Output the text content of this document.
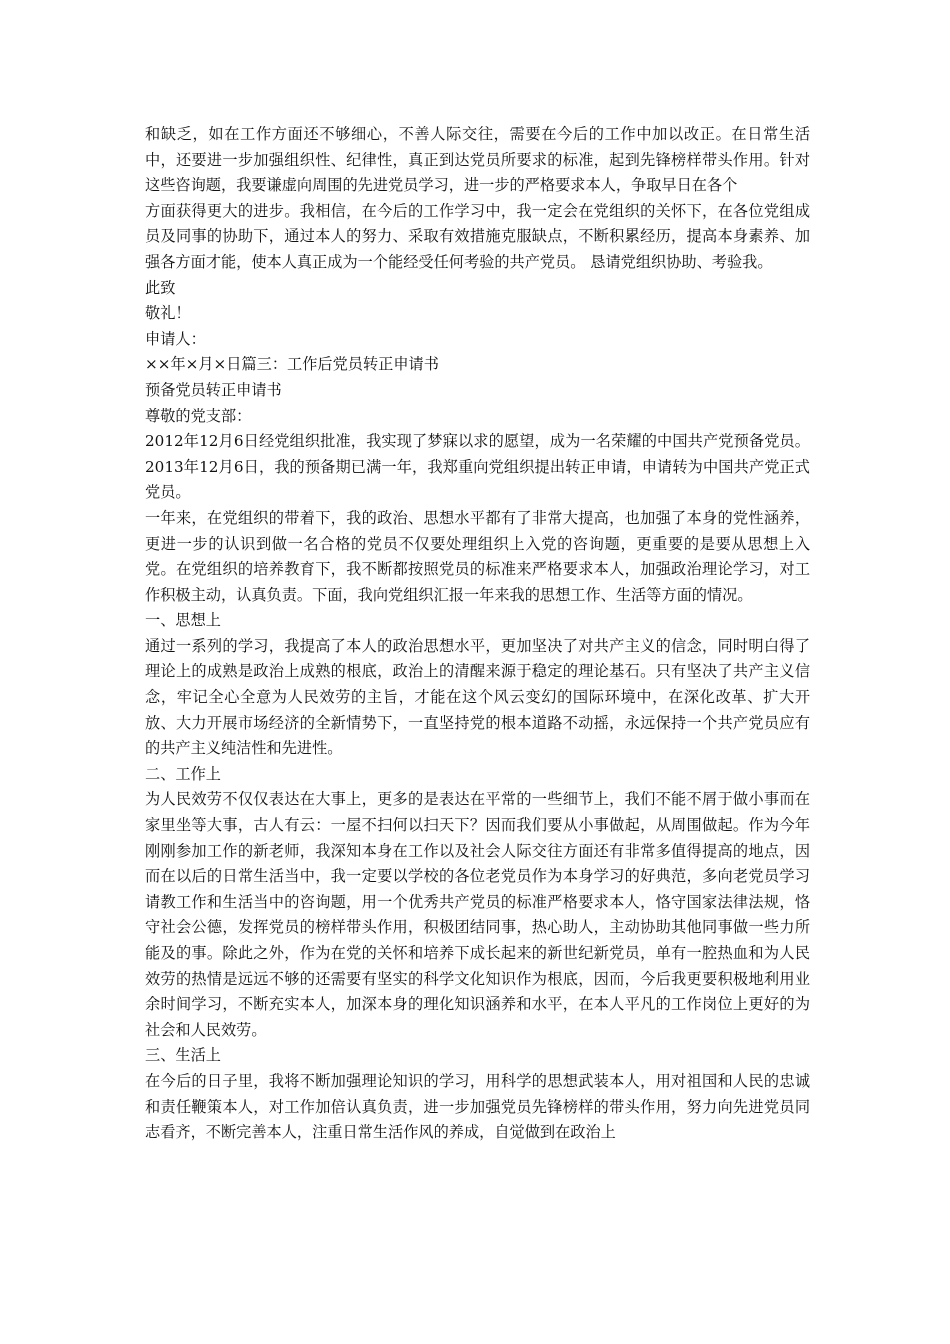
和缺乏，如在工作方面还不够细心，不善人际交往，需要在今后的工作中加以改正。在日常生活中，还要进一步加强组织性、纪律性，真正到达党员所要求的标准，起到先锋榜样带头作用。针对这些咨询题，我要谦虚向周围的先进党员学习，进一步的严格要求本人，争取早日在各个

方面获得更大的进步。我相信，在今后的工作学习中，我一定会在党组织的关怀下，在各位党组成员及同事的协助下，通过本人的努力、采取有效措施克服缺点，不断积累经历，提高本身素养、加强各方面才能，使本人真正成为一个能经受任何考验的共产党员。 恳请党组织协助、考验我。

此致

敬礼！

申请人：

××年×月×日篇三：工作后党员转正申请书

预备党员转正申请书

尊敬的党支部：

2012年12月6日经党组织批准，我实现了梦寐以求的愿望，成为一名荣耀的中国共产党预备党员。2013年12月6日，我的预备期已满一年，我郑重向党组织提出转正申请，申请转为中国共产党正式党员。

一年来，在党组织的带着下，我的政治、思想水平都有了非常大提高，也加强了本身的党性涵养，更进一步的认识到做一名合格的党员不仅要处理组织上入党的咨询题，更重要的是要从思想上入党。在党组织的培养教育下，我不断都按照党员的标准来严格要求本人，加强政治理论学习，对工作积极主动，认真负责。下面，我向党组织汇报一年来我的思想工作、生活等方面的情况。

一、思想上

通过一系列的学习，我提高了本人的政治思想水平，更加坚决了对共产主义的信念，同时明白得了理论上的成熟是政治上成熟的根底，政治上的清醒来源于稳定的理论基石。只有坚决了共产主义信念，牢记全心全意为人民效劳的主旨，才能在这个风云变幻的国际环境中，在深化改革、扩大开放、大力开展市场经济的全新情势下，一直坚持党的根本道路不动摇，永远保持一个共产党员应有的共产主义纯洁性和先进性。

二、工作上

为人民效劳不仅仅表达在大事上，更多的是表达在平常的一些细节上，我们不能不屑于做小事而在家里坐等大事，古人有云：一屋不扫何以扫天下？因而我们要从小事做起，从周围做起。作为今年刚刚参加工作的新老师，我深知本身在工作以及社会人际交往方面还有非常多值得提高的地点，因而在以后的日常生活当中，我一定要以学校的各位老党员作为本身学习的好典范，多向老党员学习请教工作和生活当中的咨询题，用一个优秀共产党员的标准严格要求本人，恪守国家法律法规，恪守社会公德，发挥党员的榜样带头作用，积极团结同事，热心助人，主动协助其他同事做一些力所能及的事。除此之外，作为在党的关怀和培养下成长起来的新世纪新党员，单有一腔热血和为人民效劳的热情是远远不够的还需要有坚实的科学文化知识作为根底，因而，今后我更要积极地利用业余时间学习，不断充实本人，加深本身的理化知识涵养和水平，在本人平凡的工作岗位上更好的为社会和人民效劳。

三、生活上

在今后的日子里，我将不断加强理论知识的学习，用科学的思想武装本人，用对祖国和人民的忠诚和责任鞭策本人，对工作加倍认真负责，进一步加强党员先锋榜样的带头作用，努力向先进党员同志看齐，不断完善本人，注重日常生活作风的养成，自觉做到在政治上
